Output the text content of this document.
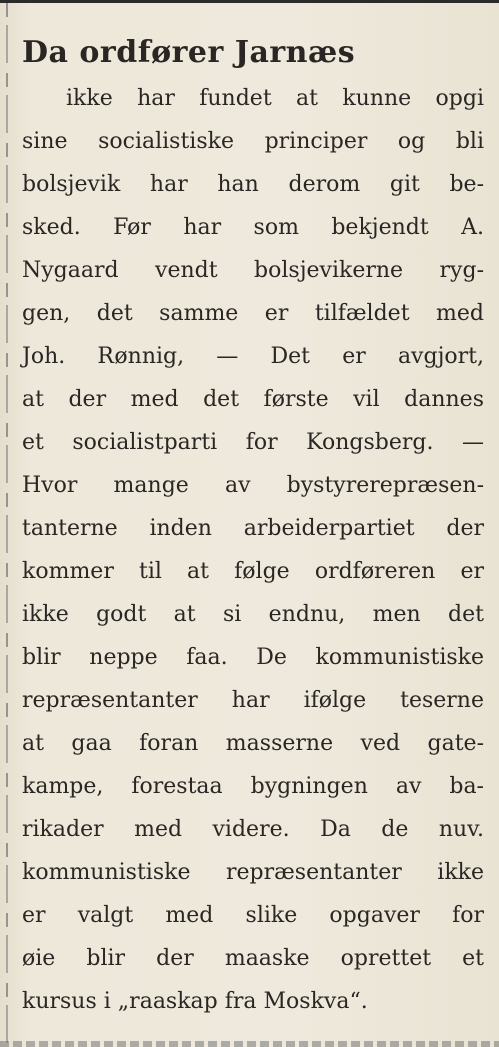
Da ordfører Jarnæs
ikke har fundet at kunne opgi
sine socialistiske principer og bli
bolsjevik har han derom git be-
sked. Før har som bekjendt A.
Nygaard vendt bolsjevikerne ryg-
gen, det samme er tilfældet med
Joh. Rønnig, — Det er avgjort,
at der med det første vil dannes
et socialistparti for Kongsberg. —
Hvor mange av bystyrerepræsen-
tanterne inden arbeiderpartiet der
kommer til at følge ordføreren er
ikke godt at si endnu, men det
blir neppe faa. De kommunistiske
repræsentanter har ifølge teserne
at gaa foran masserne ved gate-
kampe, forestaa bygningen av ba-
rikader med videre. Da de nuv.
kommunistiske repræsentanter ikke
er valgt med slike opgaver for
øie blir der maaske oprettet et
kursus i „raaskap fra Moskva“.
